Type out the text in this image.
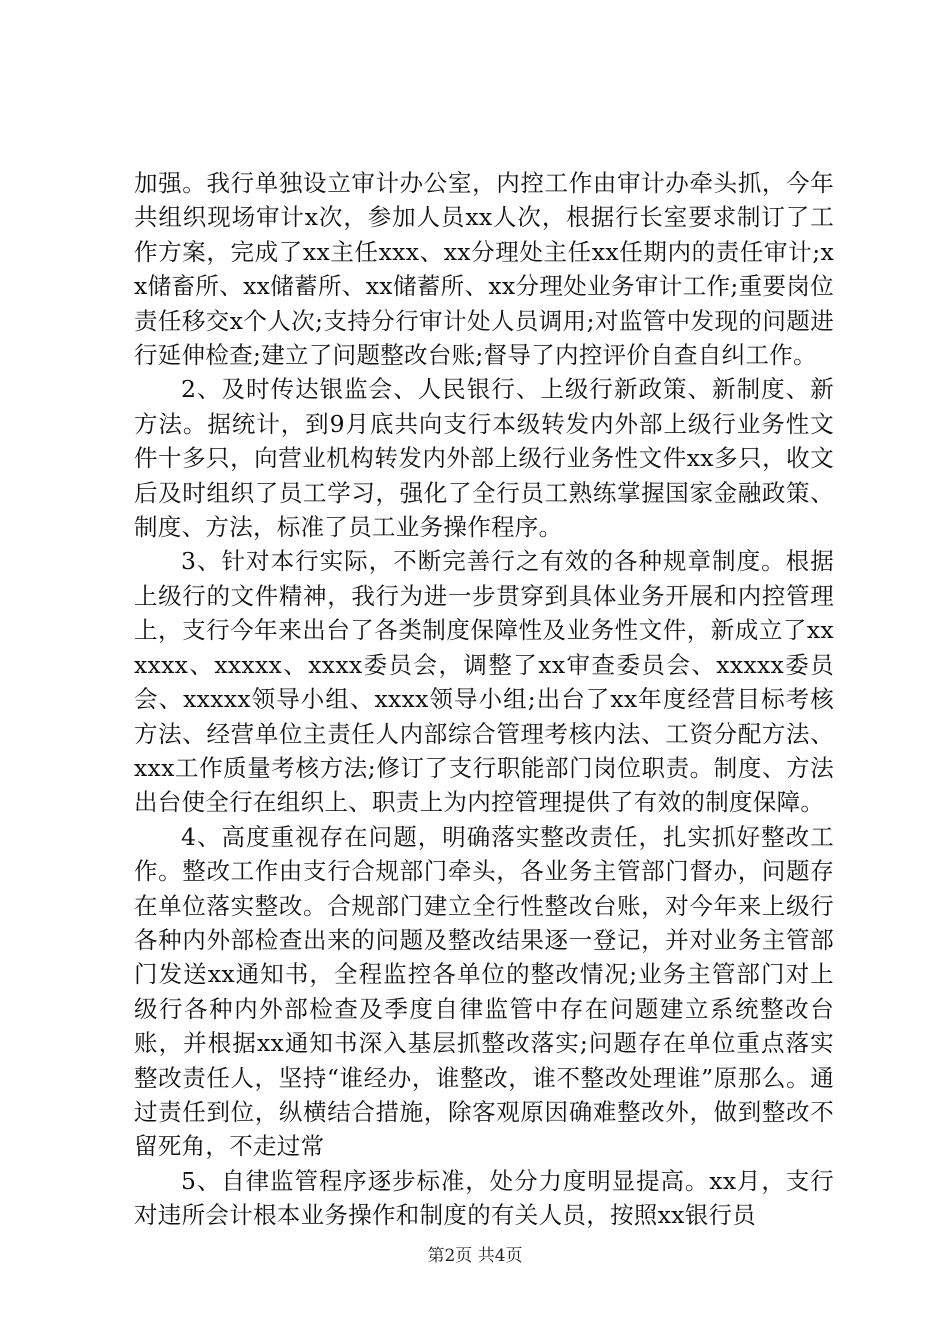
加强。我行单独设立审计办公室，内控工作由审计办牵头抓，今年共组织现场审计x次，参加人员xx人次，根据行长室要求制订了工作方案，完成了xx主任xxx、xx分理处主任xx任期内的责任审计;xx储畜所、xx储蓄所、xx储蓄所、xx分理处业务审计工作;重要岗位责任移交x个人次;支持分行审计处人员调用;对监管中发现的问题进行延伸检查;建立了问题整改台账;督导了内控评价自查自纠工作。

2、及时传达银监会、人民银行、上级行新政策、新制度、新方法。据统计，到9月底共向支行本级转发内外部上级行业务性文件十多只，向营业机构转发内外部上级行业务性文件xx多只，收文后及时组织了员工学习，强化了全行员工熟练掌握国家金融政策、制度、方法，标准了员工业务操作程序。

3、针对本行实际，不断完善行之有效的各种规章制度。根据上级行的文件精神，我行为进一步贯穿到具体业务开展和内控管理上，支行今年来出台了各类制度保障性及业务性文件，新成立了xxxxxx、xxxxx、xxxx委员会，调整了xx审查委员会、xxxxx委员会、xxxxx领导小组、xxxx领导小组;出台了xx年度经营目标考核方法、经营单位主责任人内部综合管理考核内法、工资分配方法、xxx工作质量考核方法;修订了支行职能部门岗位职责。制度、方法出台使全行在组织上、职责上为内控管理提供了有效的制度保障。

4、高度重视存在问题，明确落实整改责任，扎实抓好整改工作。整改工作由支行合规部门牵头，各业务主管部门督办，问题存在单位落实整改。合规部门建立全行性整改台账，对今年来上级行各种内外部检查出来的问题及整改结果逐一登记，并对业务主管部门发送xx通知书，全程监控各单位的整改情况;业务主管部门对上级行各种内外部检查及季度自律监管中存在问题建立系统整改台账，并根据xx通知书深入基层抓整改落实;问题存在单位重点落实整改责任人，坚持“谁经办，谁整改，谁不整改处理谁”原那么。通过责任到位，纵横结合措施，除客观原因确难整改外，做到整改不留死角，不走过常

5、自律监管程序逐步标准，处分力度明显提高。xx月，支行对违所会计根本业务操作和制度的有关人员，按照xx银行员

第2页 共4页
